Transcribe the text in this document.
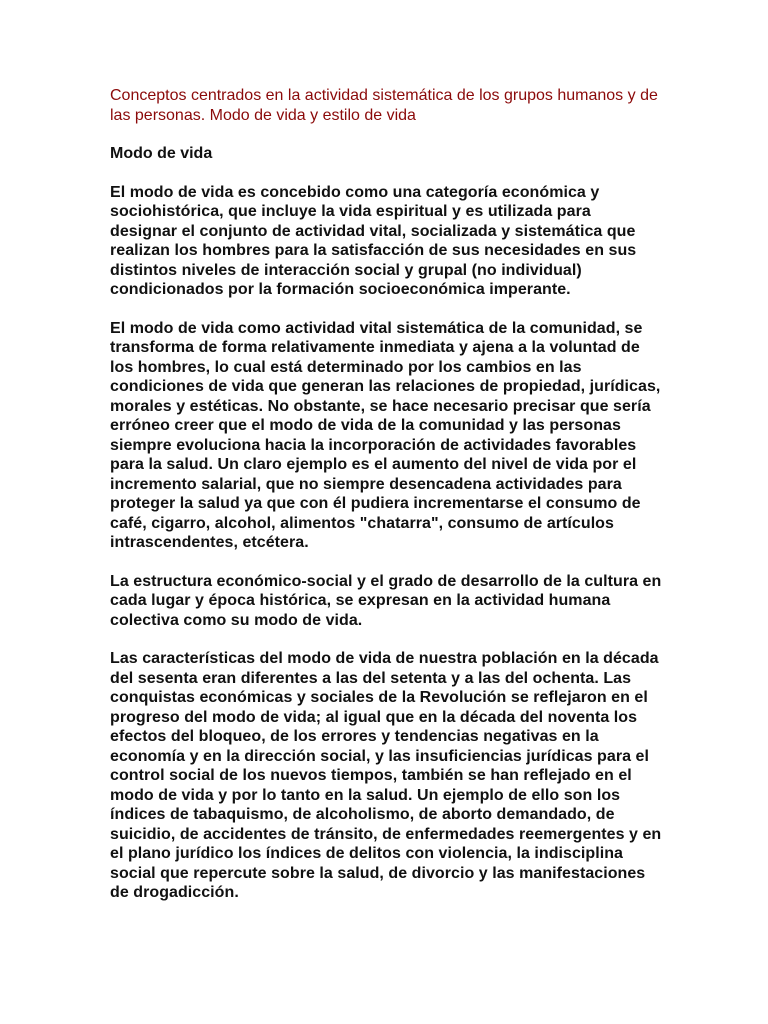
Conceptos centrados en la actividad sistemática de los grupos humanos y de las personas. Modo de vida y estilo de vida
Modo de vida

El modo de vida es concebido como una categoría económica y sociohistórica, que incluye la vida espiritual y es utilizada para designar el conjunto de actividad vital, socializada y sistemática que realizan los hombres para la satisfacción de sus necesidades en sus distintos niveles de interacción social y grupal (no individual) condicionados por la formación socioeconómica imperante.

El modo de vida como actividad vital sistemática de la comunidad, se transforma de forma relativamente inmediata y ajena a la voluntad de los hombres, lo cual está determinado por los cambios en las condiciones de vida que generan las relaciones de propiedad, jurídicas, morales y estéticas. No obstante, se hace necesario precisar que sería erróneo creer que el modo de vida de la comunidad y las personas siempre evoluciona hacia la incorporación de actividades favorables para la salud. Un claro ejemplo es el aumento del nivel de vida por el incremento salarial, que no siempre desencadena actividades para proteger la salud ya que con él pudiera incrementarse el consumo de café, cigarro, alcohol, alimentos "chatarra", consumo de artículos intrascendentes, etcétera.

La estructura económico-social y el grado de desarrollo de la cultura en cada lugar y época histórica, se expresan en la actividad humana colectiva como su modo de vida.

Las características del modo de vida de nuestra población en la década del sesenta eran diferentes a las del setenta y a las del ochenta. Las conquistas económicas y sociales de la Revolución se reflejaron en el progreso del modo de vida; al igual que en la década del noventa los efectos del bloqueo, de los errores y tendencias negativas en la economía y en la dirección social, y las insuficiencias jurídicas para el control social de los nuevos tiempos, también se han reflejado en el modo de vida y por lo tanto en la salud. Un ejemplo de ello son los índices de tabaquismo, de alcoholismo, de aborto demandado, de suicidio, de accidentes de tránsito, de enfermedades reemergentes y en el plano jurídico los índices de delitos con violencia, la indisciplina social que repercute sobre la salud, de divorcio y las manifestaciones de drogadicción.
